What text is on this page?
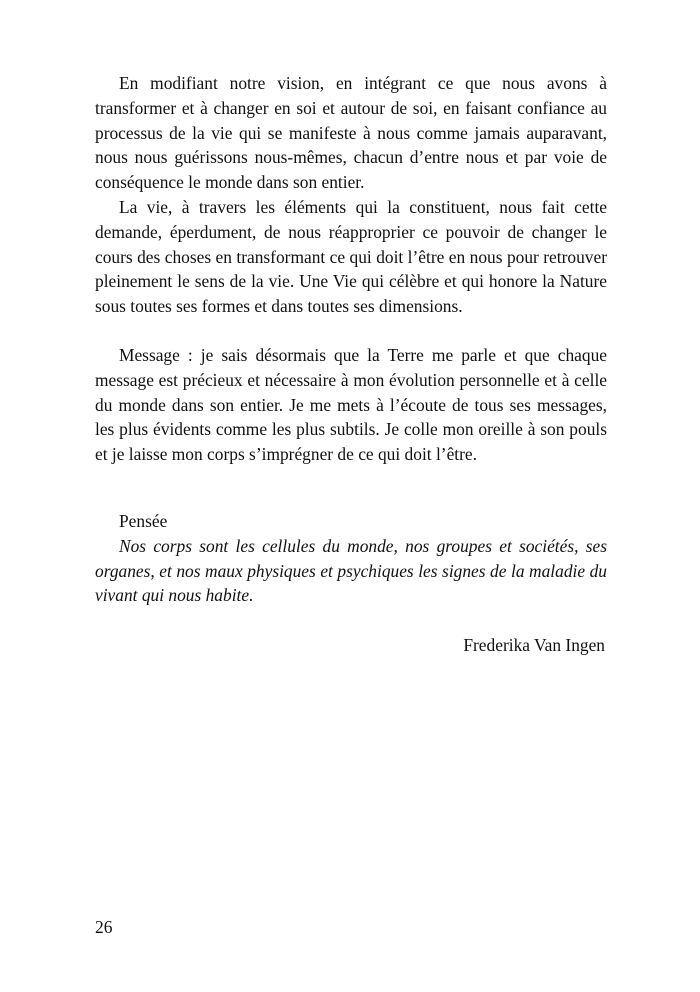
En modifiant notre vision, en intégrant ce que nous avons à transformer et à changer en soi et autour de soi, en faisant confiance au processus de la vie qui se manifeste à nous comme jamais auparavant, nous nous guérissons nous-mêmes, chacun d’entre nous et par voie de conséquence le monde dans son entier.

La vie, à travers les éléments qui la constituent, nous fait cette demande, éperdument, de nous réapproprier ce pouvoir de changer le cours des choses en transformant ce qui doit l’être en nous pour retrouver pleinement le sens de la vie. Une Vie qui célèbre et qui honore la Nature sous toutes ses formes et dans toutes ses dimensions.

Message : je sais désormais que la Terre me parle et que chaque message est précieux et nécessaire à mon évolution personnelle et à celle du monde dans son entier. Je me mets à l’écoute de tous ses messages, les plus évidents comme les plus subtils. Je colle mon oreille à son pouls et je laisse mon corps s’imprégner de ce qui doit l’être.

Pensée

Nos corps sont les cellules du monde, nos groupes et sociétés, ses organes, et nos maux physiques et psychiques les signes de la maladie du vivant qui nous habite.

Frederika Van Ingen

26
